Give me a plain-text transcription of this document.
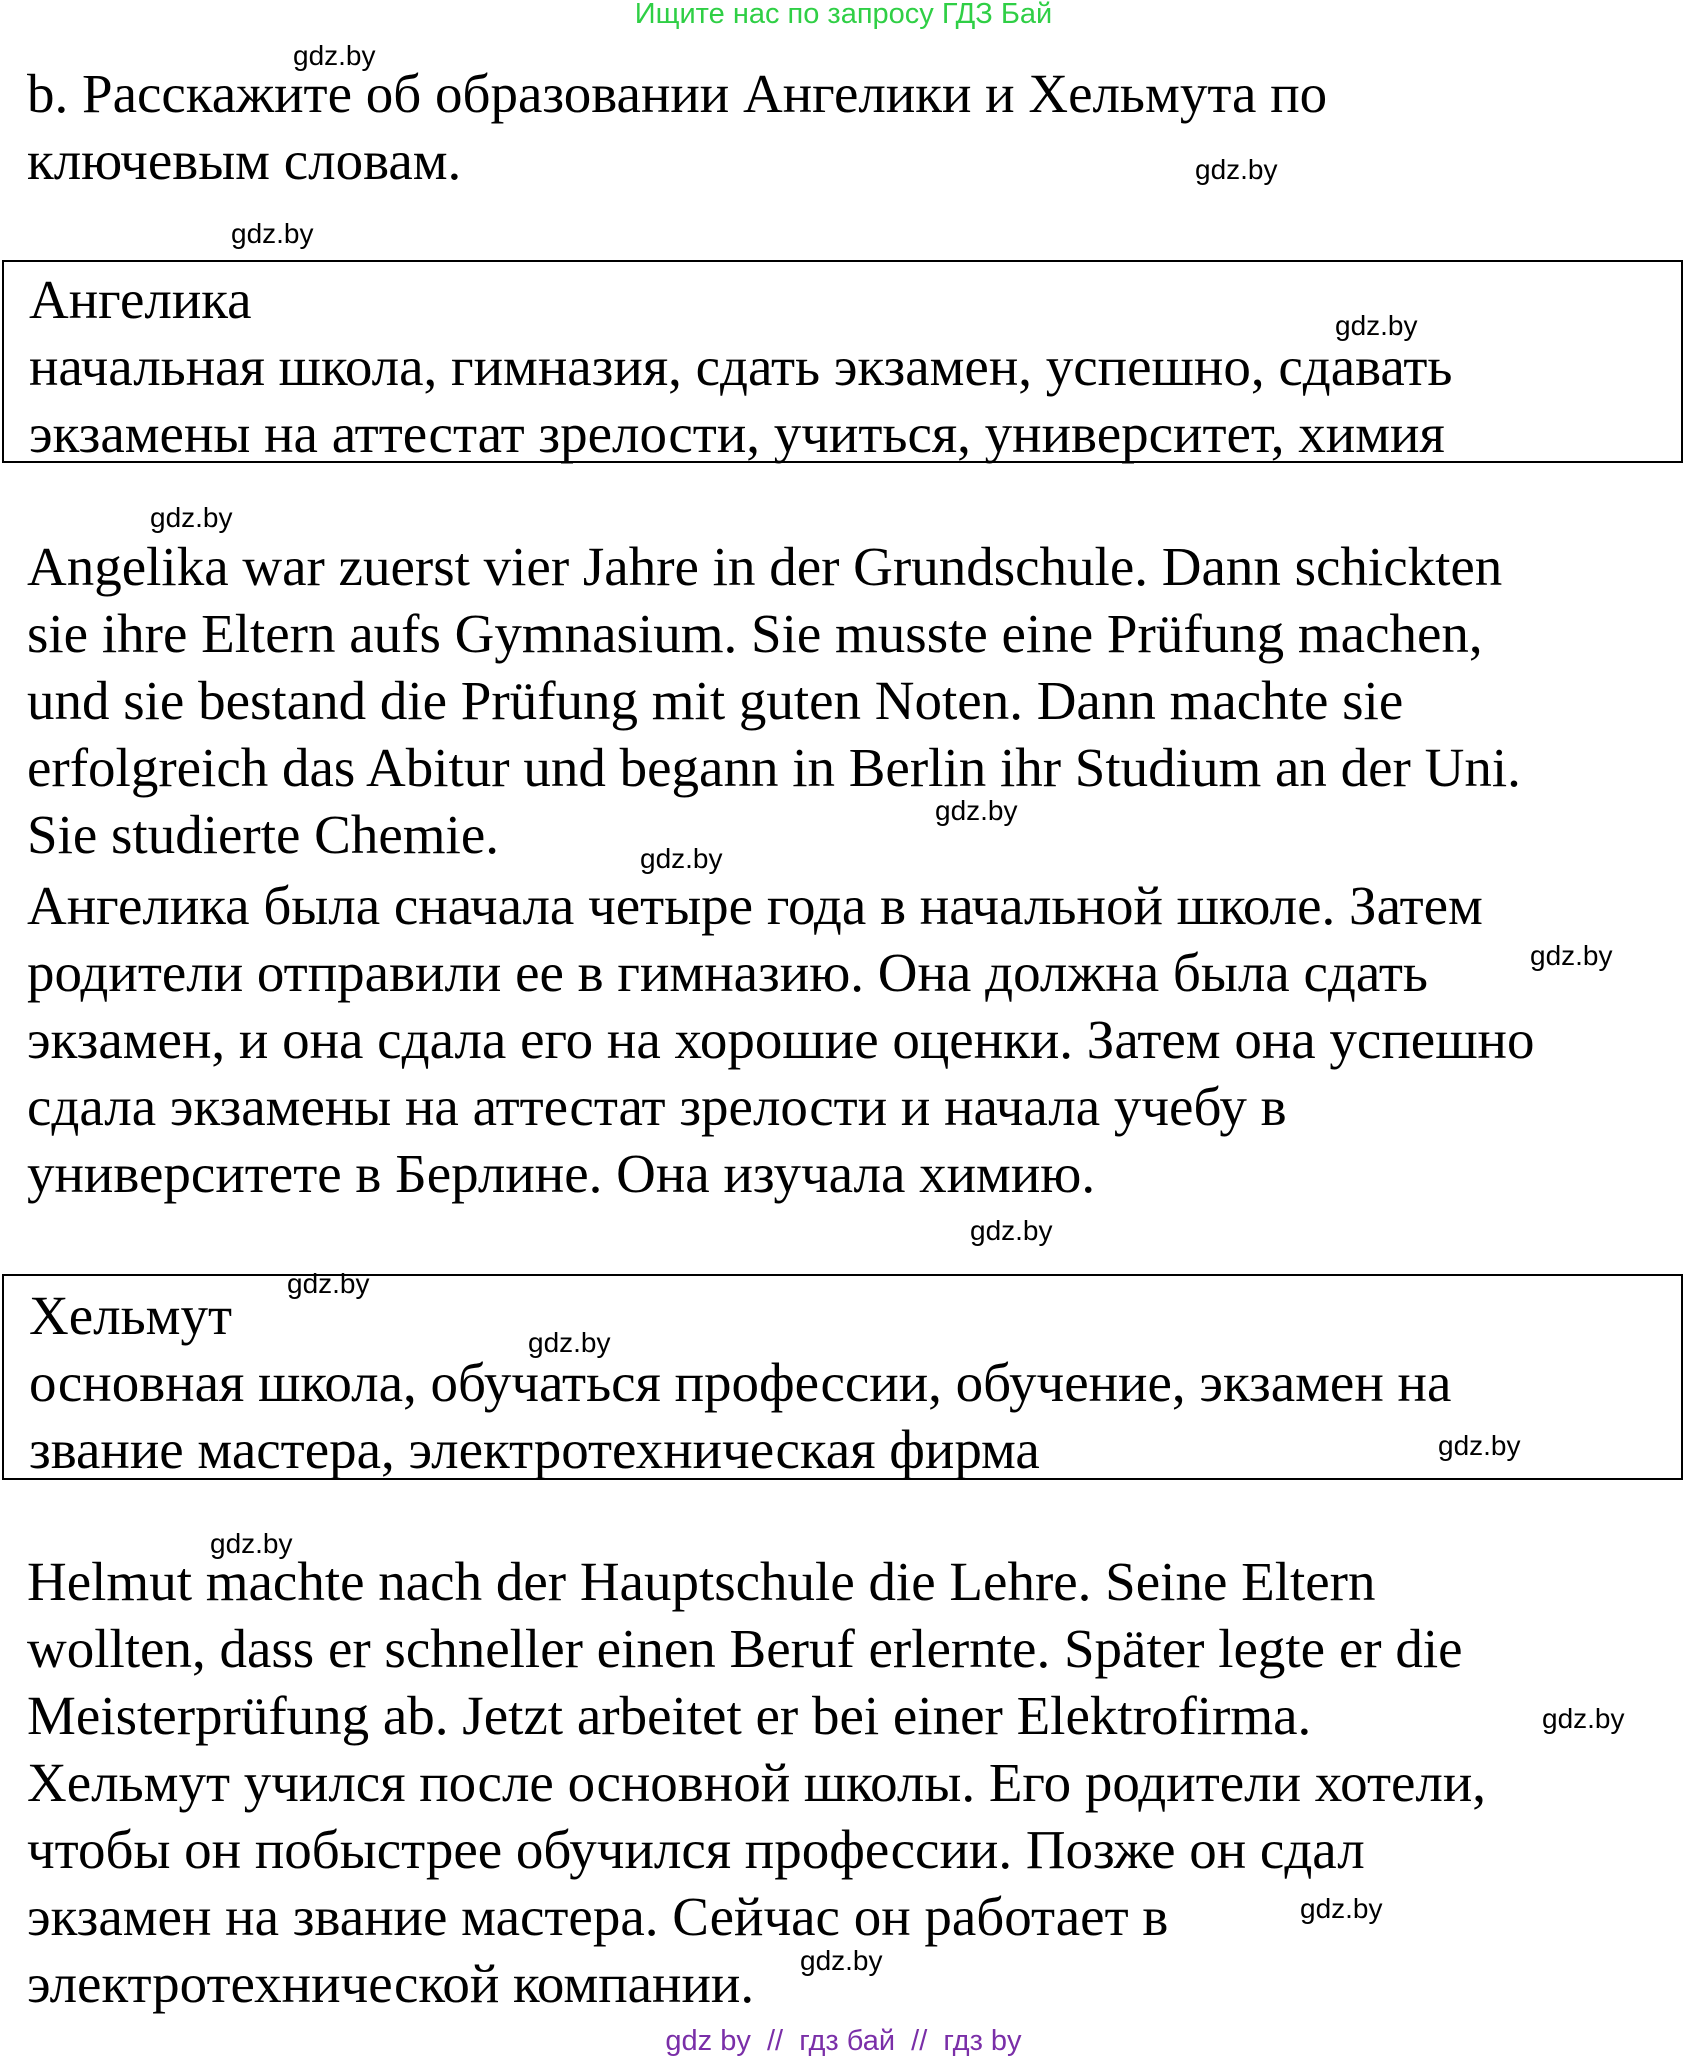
Ищите нас по запросу ГДЗ Бай
b. Расскажите об образовании Ангелики и Хельмута по
ключевым словам.
Ангелика
начальная школа, гимназия, сдать экзамен, успешно, сдавать
экзамены на аттестат зрелости, учиться, университет, химия
Angelika war zuerst vier Jahre in der Grundschule. Dann schickten
sie ihre Eltern aufs Gymnasium. Sie musste eine Prüfung machen,
und sie bestand die Prüfung mit guten Noten. Dann machte sie
erfolgreich das Abitur und begann in Berlin ihr Studium an der Uni.
Sie studierte Chemie.
Ангелика была сначала четыре года в начальной школе. Затем
родители отправили ее в гимназию. Она должна была сдать
экзамен, и она сдала его на хорошие оценки. Затем она успешно
сдала экзамены на аттестат зрелости и начала учебу в
университете в Берлине. Она изучала химию.
Хельмут
основная школа, обучаться профессии, обучение, экзамен на
звание мастера, электротехническая фирма
Helmut machte nach der Hauptschule die Lehre. Seine Eltern
wollten, dass er schneller einen Beruf erlernte. Später legte er die
Meisterprüfung ab. Jetzt arbeitet er bei einer Elektrofirma.
Хельмут учился после основной школы. Его родители хотели,
чтобы он побыстрее обучился профессии. Позже он сдал
экзамен на звание мастера. Сейчас он работает в
электротехнической компании.
gdz.by
gdz.by
gdz.by
gdz.by
gdz.by
gdz.by
gdz.by
gdz.by
gdz.by
gdz.by
gdz.by
gdz.by
gdz.by
gdz.by
gdz.by
gdz.by
gdz by  //  гдз бай  //  гдз by
